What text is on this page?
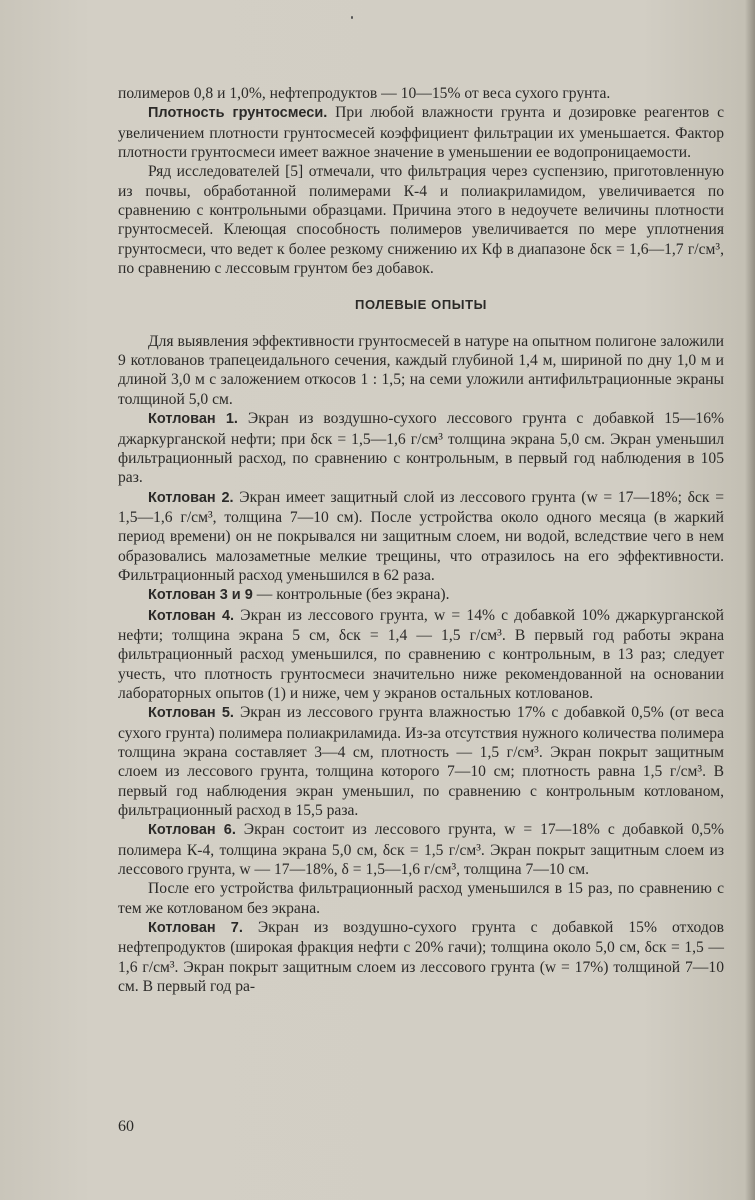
полимеров 0,8 и 1,0%, нефтепродуктов — 10—15% от веса сухого грунта.

Плотность грунтосмеси. При любой влажности грунта и дозировке реагентов с увеличением плотности грунтосмесей коэффициент фильтрации их уменьшается. Фактор плотности грунтосмеси имеет важное значение в уменьшении ее водопроницаемости.

Ряд исследователей [5] отмечали, что фильтрация через суспензию, приготовленную из почвы, обработанной полимерами К-4 и полиакриламидом, увеличивается по сравнению с контрольными образцами. Причина этого в недоучете величины плотности грунтосмесей. Клеющая способность полимеров увеличивается по мере уплотнения грунтосмеси, что ведет к более резкому снижению их Кф в диапазоне δск = 1,6—1,7 г/см³, по сравнению с лессовым грунтом без добавок.

ПОЛЕВЫЕ ОПЫТЫ

Для выявления эффективности грунтосмесей в натуре на опытном полигоне заложили 9 котлованов трапецеидального сечения, каждый глубиной 1,4 м, шириной по дну 1,0 м и длиной 3,0 м с заложением откосов 1 : 1,5; на семи уложили антифильтрационные экраны толщиной 5,0 см.

Котлован 1. Экран из воздушно-сухого лессового грунта с добавкой 15—16% джаркурганской нефти; при δск = 1,5—1,6 г/см³ толщина экрана 5,0 см. Экран уменьшил фильтрационный расход, по сравнению с контрольным, в первый год наблюдения в 105 раз.

Котлован 2. Экран имеет защитный слой из лессового грунта (w = 17—18%; δск = 1,5—1,6 г/см³, толщина 7—10 см). После устройства около одного месяца (в жаркий период времени) он не покрывался ни защитным слоем, ни водой, вследствие чего в нем образовались малозаметные мелкие трещины, что отразилось на его эффективности. Фильтрационный расход уменьшился в 62 раза.

Котлован 3 и 9 — контрольные (без экрана).

Котлован 4. Экран из лессового грунта, w = 14% с добавкой 10% джаркурганской нефти; толщина экрана 5 см, δск = 1,4 — 1,5 г/см³. В первый год работы экрана фильтрационный расход уменьшился, по сравнению с контрольным, в 13 раз; следует учесть, что плотность грунтосмеси значительно ниже рекомендованной на основании лабораторных опытов (1) и ниже, чем у экранов остальных котлованов.

Котлован 5. Экран из лессового грунта влажностью 17% с добавкой 0,5% (от веса сухого грунта) полимера полиакриламида. Из-за отсутствия нужного количества полимера толщина экрана составляет 3—4 см, плотность — 1,5 г/см³. Экран покрыт защитным слоем из лессового грунта, толщина которого 7—10 см; плотность равна 1,5 г/см³. В первый год наблюдения экран уменьшил, по сравнению с контрольным котлованом, фильтрационный расход в 15,5 раза.

Котлован 6. Экран состоит из лессового грунта, w = 17—18% с добавкой 0,5% полимера К-4, толщина экрана 5,0 см, δск = 1,5 г/см³. Экран покрыт защитным слоем из лессового грунта, w — 17—18%, δ = 1,5—1,6 г/см³, толщина 7—10 см.

После его устройства фильтрационный расход уменьшился в 15 раз, по сравнению с тем же котлованом без экрана.

Котлован 7. Экран из воздушно-сухого грунта с добавкой 15% отходов нефтепродуктов (широкая фракция нефти с 20% гачи); толщина около 5,0 см, δск = 1,5 — 1,6 г/см³. Экран покрыт защитным слоем из лессового грунта (w = 17%) толщиной 7—10 см. В первый год ра-

60
